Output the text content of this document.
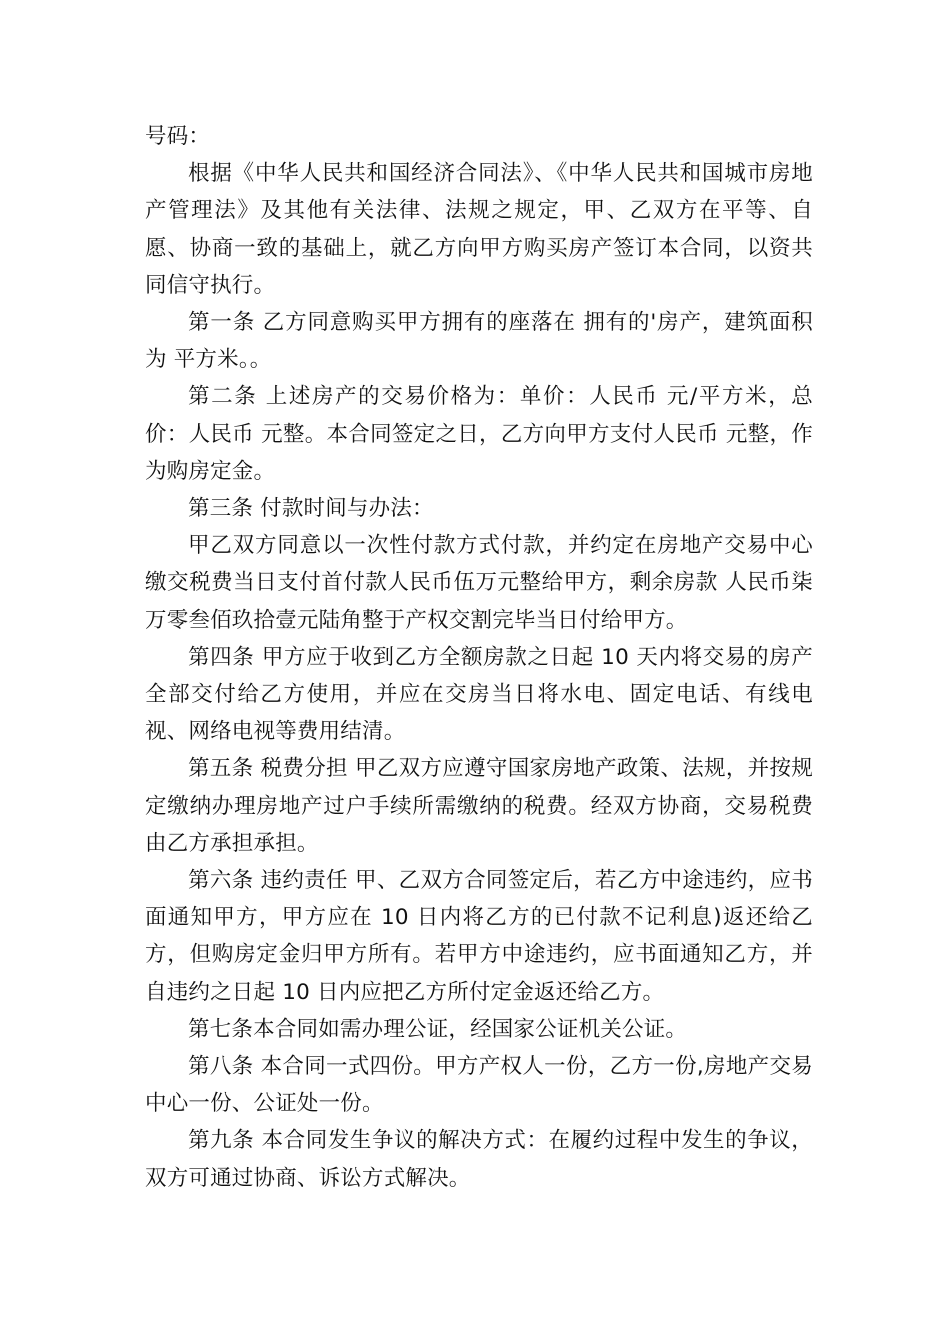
号码：

根据《中华人民共和国经济合同法》、《中华人民共和国城市房地产管理法》及其他有关法律、法规之规定，甲、乙双方在平等、自愿、协商一致的基础上，就乙方向甲方购买房产签订本合同，以资共同信守执行。

第一条 乙方同意购买甲方拥有的座落在 拥有的'房产，建筑面积为 平方米。。

第二条 上述房产的交易价格为：单价：人民币 元/平方米，总价：人民币 元整。本合同签定之日，乙方向甲方支付人民币 元整，作为购房定金。

第三条 付款时间与办法：

甲乙双方同意以一次性付款方式付款，并约定在房地产交易中心缴交税费当日支付首付款人民币伍万元整给甲方，剩余房款 人民币柒万零叁佰玖拾壹元陆角整于产权交割完毕当日付给甲方。

第四条 甲方应于收到乙方全额房款之日起 10 天内将交易的房产全部交付给乙方使用，并应在交房当日将水电、固定电话、有线电视、网络电视等费用结清。

第五条 税费分担 甲乙双方应遵守国家房地产政策、法规，并按规定缴纳办理房地产过户手续所需缴纳的税费。经双方协商，交易税费由乙方承担承担。

第六条 违约责任 甲、乙双方合同签定后，若乙方中途违约，应书面通知甲方，甲方应在 10 日内将乙方的已付款不记利息)返还给乙方，但购房定金归甲方所有。若甲方中途违约，应书面通知乙方，并自违约之日起 10 日内应把乙方所付定金返还给乙方。

第七条本合同如需办理公证，经国家公证机关公证。

第八条 本合同一式四份。甲方产权人一份，乙方一份,房地产交易中心一份、公证处一份。

第九条 本合同发生争议的解决方式：在履约过程中发生的争议，双方可通过协商、诉讼方式解决。
